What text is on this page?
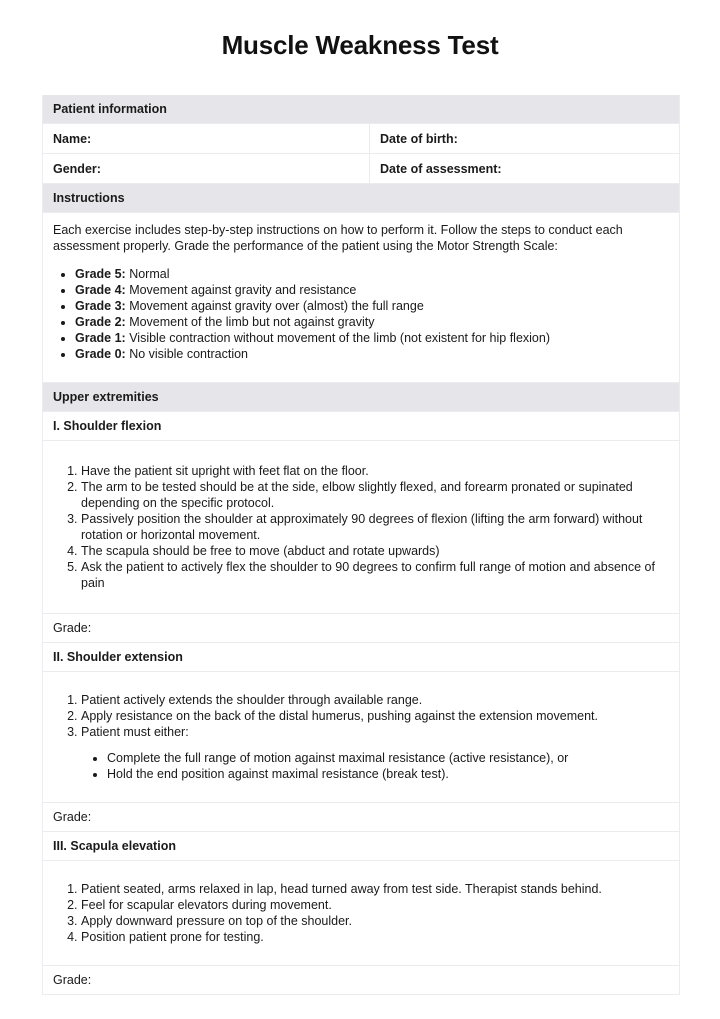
Muscle Weakness Test
Patient information
Name:	Date of birth:
Gender:	Date of assessment:
Instructions

Each exercise includes step-by-step instructions on how to perform it. Follow the steps to conduct each assessment properly. Grade the performance of the patient using the Motor Strength Scale:

• Grade 5: Normal
• Grade 4: Movement against gravity and resistance
• Grade 3: Movement against gravity over (almost) the full range
• Grade 2: Movement of the limb but not against gravity
• Grade 1: Visible contraction without movement of the limb (not existent for hip flexion)
• Grade 0: No visible contraction
Upper extremities
I. Shoulder flexion
1. Have the patient sit upright with feet flat on the floor.
2. The arm to be tested should be at the side, elbow slightly flexed, and forearm pronated or supinated depending on the specific protocol.
3. Passively position the shoulder at approximately 90 degrees of flexion (lifting the arm forward) without rotation or horizontal movement.
4. The scapula should be free to move (abduct and rotate upwards)
5. Ask the patient to actively flex the shoulder to 90 degrees to confirm full range of motion and absence of pain
Grade:
II. Shoulder extension
1. Patient actively extends the shoulder through available range.
2. Apply resistance on the back of the distal humerus, pushing against the extension movement.
3. Patient must either:
• Complete the full range of motion against maximal resistance (active resistance), or
• Hold the end position against maximal resistance (break test).
Grade:
III. Scapula elevation
1. Patient seated, arms relaxed in lap, head turned away from test side. Therapist stands behind.
2. Feel for scapular elevators during movement.
3. Apply downward pressure on top of the shoulder.
4. Position patient prone for testing.
Grade:
